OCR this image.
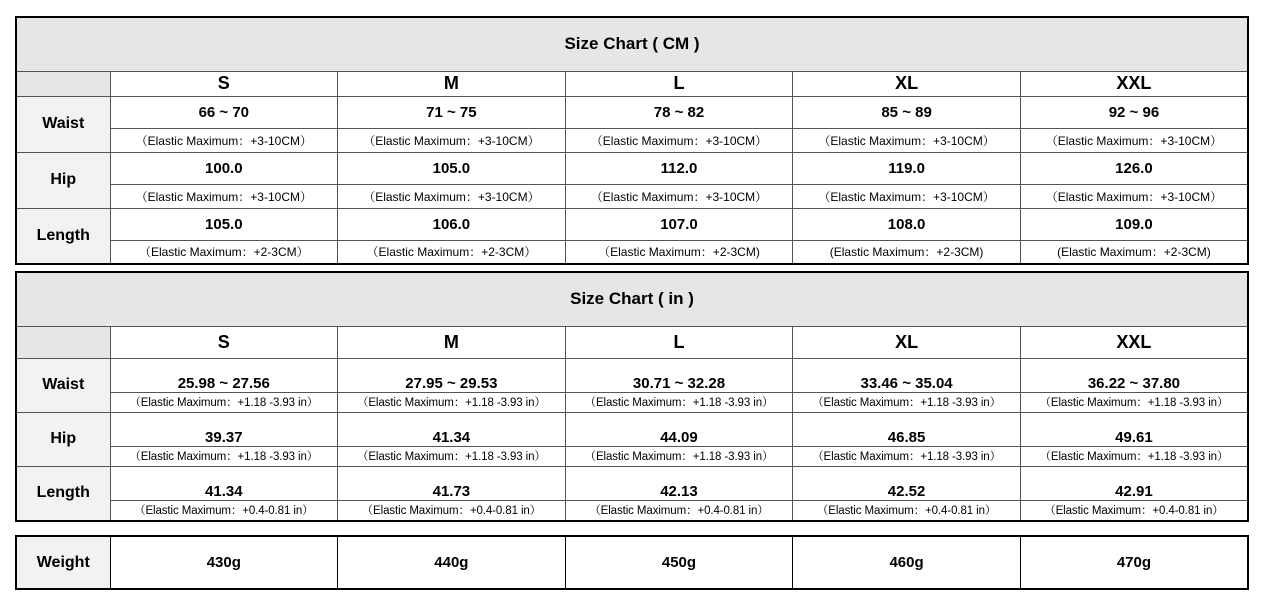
Size Chart ( CM )					
	S	M	L	XL	XXL
Waist	66 ~ 70	71 ~ 75	78 ~ 82	85 ~ 89	92 ~ 96
	（Elastic Maximum：+3-10CM）	（Elastic Maximum：+3-10CM）	（Elastic Maximum：+3-10CM）	（Elastic Maximum：+3-10CM）	（Elastic Maximum：+3-10CM）
Hip	100.0	105.0	112.0	119.0	126.0
	（Elastic Maximum：+3-10CM）	（Elastic Maximum：+3-10CM）	（Elastic Maximum：+3-10CM）	（Elastic Maximum：+3-10CM）	（Elastic Maximum：+3-10CM）
Length	105.0	106.0	107.0	108.0	109.0
	（Elastic Maximum：+2-3CM）	（Elastic Maximum：+2-3CM）	（Elastic Maximum：+2-3CM)	(Elastic Maximum：+2-3CM)	(Elastic Maximum：+2-3CM)
Size Chart ( in )					
	S	M	L	XL	XXL
Waist	25.98 ~ 27.56	27.95 ~ 29.53	30.71 ~ 32.28	33.46 ~ 35.04	36.22 ~ 37.80
	（Elastic Maximum：+1.18 -3.93 in）	（Elastic Maximum：+1.18 -3.93 in）	（Elastic Maximum：+1.18 -3.93 in）	（Elastic Maximum：+1.18 -3.93 in）	（Elastic Maximum：+1.18 -3.93 in）
Hip	39.37	41.34	44.09	46.85	49.61
	（Elastic Maximum：+1.18 -3.93 in）	（Elastic Maximum：+1.18 -3.93 in）	（Elastic Maximum：+1.18 -3.93 in）	（Elastic Maximum：+1.18 -3.93 in）	（Elastic Maximum：+1.18 -3.93 in）
Length	41.34	41.73	42.13	42.52	42.91
	（Elastic Maximum：+0.4-0.81 in）	（Elastic Maximum：+0.4-0.81 in）	（Elastic Maximum：+0.4-0.81 in）	（Elastic Maximum：+0.4-0.81 in）	（Elastic Maximum：+0.4-0.81 in）
Weight	430g	440g	450g	460g	470g
